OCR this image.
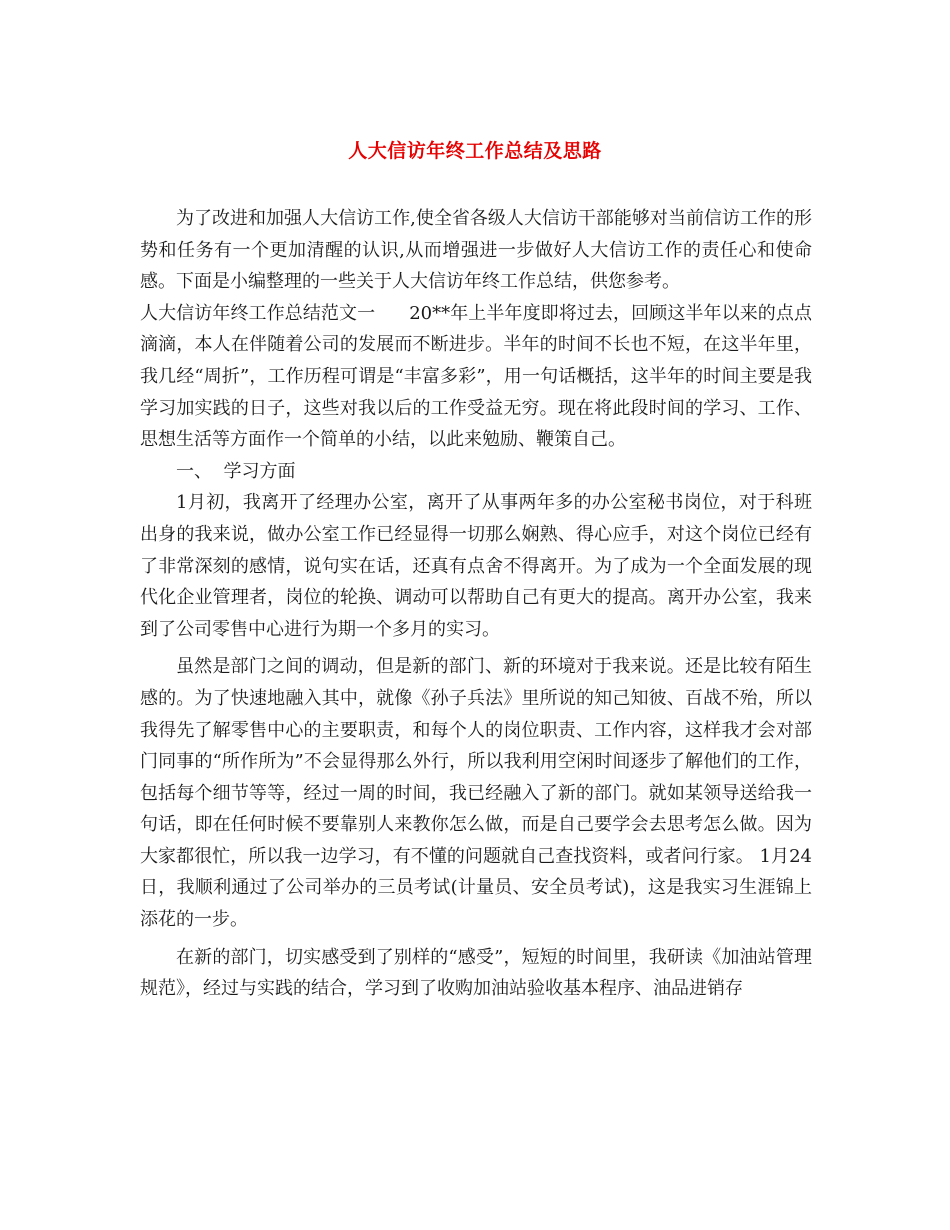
人大信访年终工作总结及思路

为了改进和加强人大信访工作,使全省各级人大信访干部能够对当前信访工作的形势和任务有一个更加清醒的认识,从而增强进一步做好人大信访工作的责任心和使命感。下面是小编整理的一些关于人大信访年终工作总结，供您参考。

人大信访年终工作总结范文一 20**年上半年度即将过去，回顾这半年以来的点点滴滴，本人在伴随着公司的发展而不断进步。半年的时间不长也不短，在这半年里，我几经“周折”，工作历程可谓是“丰富多彩”，用一句话概括，这半年的时间主要是我学习加实践的日子，这些对我以后的工作受益无穷。现在将此段时间的学习、工作、思想生活等方面作一个简单的小结，以此来勉励、鞭策自己。

一、  学习方面

1月初，我离开了经理办公室，离开了从事两年多的办公室秘书岗位，对于科班出身的我来说，做办公室工作已经显得一切那么娴熟、得心应手，对这个岗位已经有了非常深刻的感情，说句实在话，还真有点舍不得离开。为了成为一个全面发展的现代化企业管理者，岗位的轮换、调动可以帮助自己有更大的提高。离开办公室，我来到了公司零售中心进行为期一个多月的实习。

虽然是部门之间的调动，但是新的部门、新的环境对于我来说。还是比较有陌生感的。为了快速地融入其中，就像《孙子兵法》里所说的知己知彼、百战不殆，所以我得先了解零售中心的主要职责，和每个人的岗位职责、工作内容，这样我才会对部门同事的“所作所为”不会显得那么外行，所以我利用空闲时间逐步了解他们的工作，包括每个细节等等，经过一周的时间，我已经融入了新的部门。就如某领导送给我一句话，即在任何时候不要靠别人来教你怎么做，而是自己要学会去思考怎么做。因为大家都很忙，所以我一边学习，有不懂的问题就自己查找资料，或者问行家。 1月24日，我顺利通过了公司举办的三员考试(计量员、安全员考试)，这是我实习生涯锦上添花的一步。

在新的部门，切实感受到了别样的“感受”，短短的时间里，我研读《加油站管理规范》，经过与实践的结合，学习到了收购加油站验收基本程序、油品进销存
